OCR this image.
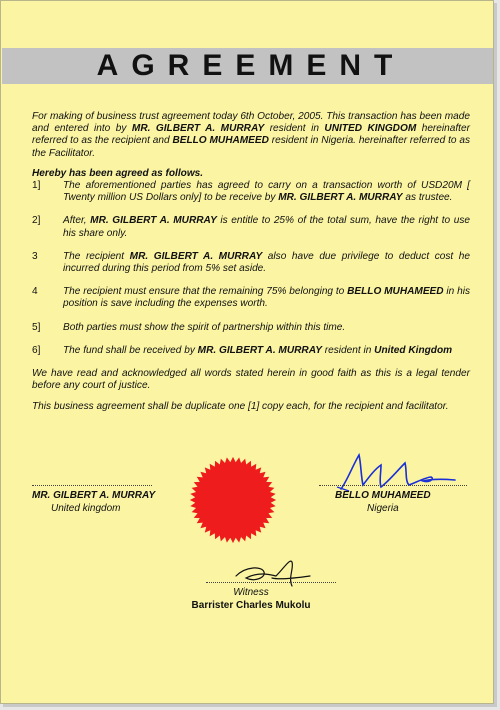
AGREEMENT

For making of business trust agreement today 6th October, 2005. This transaction has been made and entered into by MR. GILBERT A. MURRAY resident in UNITED KINGDOM hereinafter referred to as the recipient and BELLO MUHAMEED resident in Nigeria. hereinafter referred to as the Facilitator.

Hereby has been agreed as follows.

1]	The aforementioned parties has agreed to carry on a transaction worth of USD20M [ Twenty million US Dollars only] to be receive by MR. GILBERT A. MURRAY as trustee.

2]	After, MR. GILBERT A. MURRAY is entitle to 25% of the total sum, have the right to use his share only.

3	The recipient MR. GILBERT A. MURRAY also have due privilege to deduct cost he incurred during this period from 5% set aside.

4	The recipient must ensure that the remaining 75% belonging to BELLO MUHAMEED in his position is save including the expenses worth.

5]	Both parties must show the spirit of partnership within this time.

6]	The fund shall be received by MR. GILBERT A. MURRAY resident in United Kingdom

We have read and acknowledged all words stated herein in good faith as this is a legal tender before any court of justice.

This business agreement shall be duplicate one [1] copy each, for the recipient and facilitator.

MR. GILBERT A. MURRAY
United kingdom
BELLO MUHAMEED
Nigeria
Witness
Barrister Charles Mukolu
